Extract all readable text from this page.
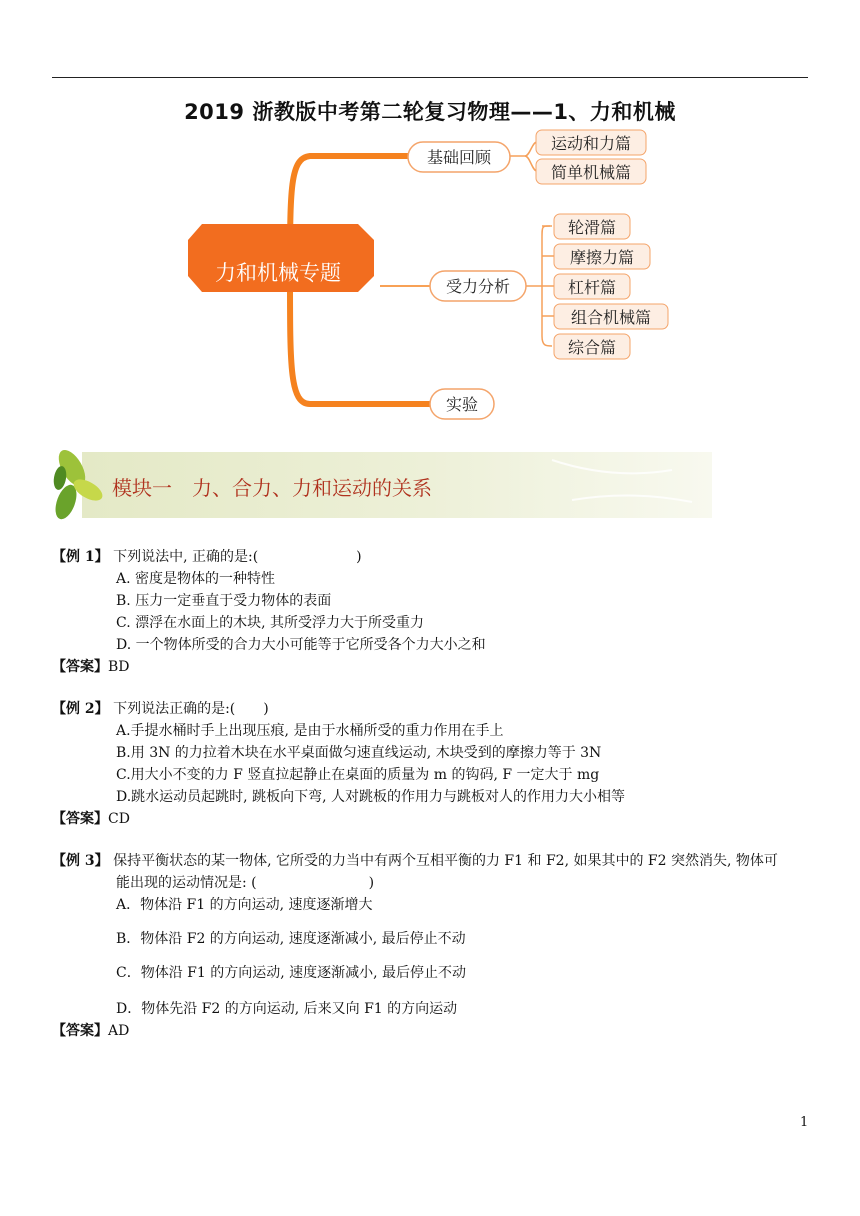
2019 浙教版中考第二轮复习物理——1、力和机械
力和机械专题
基础回顾
受力分析
实验
运动和力篇
简单机械篇
轮滑篇
摩擦力篇
杠杆篇
组合机械篇
综合篇
模块一　力、合力、力和运动的关系
【例 1】 下列说法中, 正确的是:(　　　　　　　)
A. 密度是物体的一种特性
B. 压力一定垂直于受力物体的表面
C. 漂浮在水面上的木块, 其所受浮力大于所受重力
D. 一个物体所受的合力大小可能等于它所受各个力大小之和
【答案】BD
【例 2】 下列说法正确的是:(　　)
A.手提水桶时手上出现压痕, 是由于水桶所受的重力作用在手上
B.用 3N 的力拉着木块在水平桌面做匀速直线运动, 木块受到的摩擦力等于 3N
C.用大小不变的力 F 竖直拉起静止在桌面的质量为 m 的钩码, F 一定大于 mg
D.跳水运动员起跳时, 跳板向下弯, 人对跳板的作用力与跳板对人的作用力大小相等
【答案】CD
【例 3】 保持平衡状态的某一物体, 它所受的力当中有两个互相平衡的力 F1 和 F2, 如果其中的 F2 突然消失, 物体可
能出现的运动情况是: (　　　　　　　　)
A．物体沿 F1 的方向运动, 速度逐渐增大
B．物体沿 F2 的方向运动, 速度逐渐减小, 最后停止不动
C．物体沿 F1 的方向运动, 速度逐渐减小, 最后停止不动
D．物体先沿 F2 的方向运动, 后来又向 F1 的方向运动
【答案】AD
1
